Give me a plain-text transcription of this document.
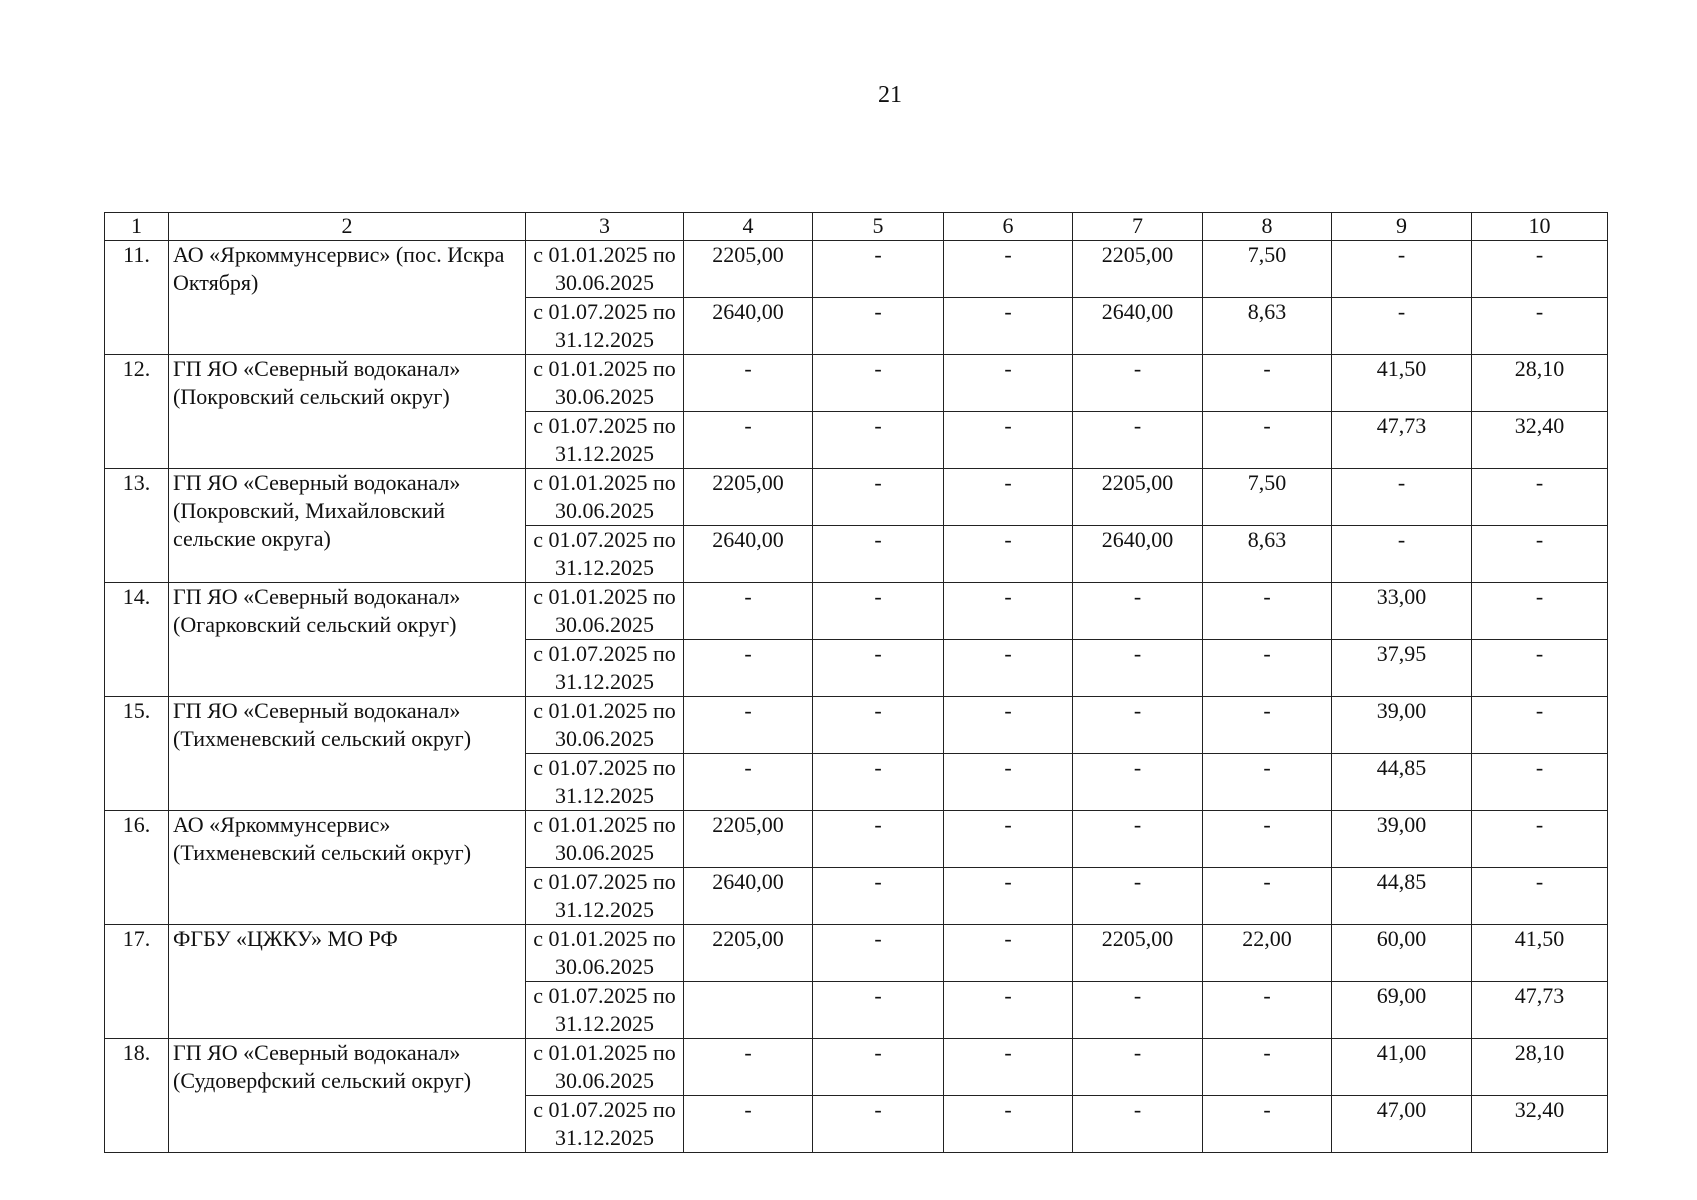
21
1	2	3	4	5	6	7	8	9	10
11.	АО «Яркоммунсервис» (пос. Искра Октября)	с 01.01.2025 по 30.06.2025	2205,00	-	-	2205,00	7,50	-	-
		с 01.07.2025 по 31.12.2025	2640,00	-	-	2640,00	8,63	-	-
12.	ГП ЯО «Северный водоканал» (Покровский сельский округ)	с 01.01.2025 по 30.06.2025	-	-	-	-	-	41,50	28,10
		с 01.07.2025 по 31.12.2025	-	-	-	-	-	47,73	32,40
13.	ГП ЯО «Северный водоканал» (Покровский, Михайловский сельские округа)	с 01.01.2025 по 30.06.2025	2205,00	-	-	2205,00	7,50	-	-
		с 01.07.2025 по 31.12.2025	2640,00	-	-	2640,00	8,63	-	-
14.	ГП ЯО «Северный водоканал» (Огарковский сельский округ)	с 01.01.2025 по 30.06.2025	-	-	-	-	-	33,00	-
		с 01.07.2025 по 31.12.2025	-	-	-	-	-	37,95	-
15.	ГП ЯО «Северный водоканал» (Тихменевский сельский округ)	с 01.01.2025 по 30.06.2025	-	-	-	-	-	39,00	-
		с 01.07.2025 по 31.12.2025	-	-	-	-	-	44,85	-
16.	АО «Яркоммунсервис» (Тихменевский сельский округ)	с 01.01.2025 по 30.06.2025	2205,00	-	-	-	-	39,00	-
		с 01.07.2025 по 31.12.2025	2640,00	-	-	-	-	44,85	-
17.	ФГБУ «ЦЖКУ» МО РФ	с 01.01.2025 по 30.06.2025	2205,00	-	-	2205,00	22,00	60,00	41,50
		с 01.07.2025 по 31.12.2025		-	-	-	-	69,00	47,73
18.	ГП ЯО «Северный водоканал» (Судоверфский сельский округ)	с 01.01.2025 по 30.06.2025	-	-	-	-	-	41,00	28,10
		с 01.07.2025 по 31.12.2025	-	-	-	-	-	47,00	32,40
